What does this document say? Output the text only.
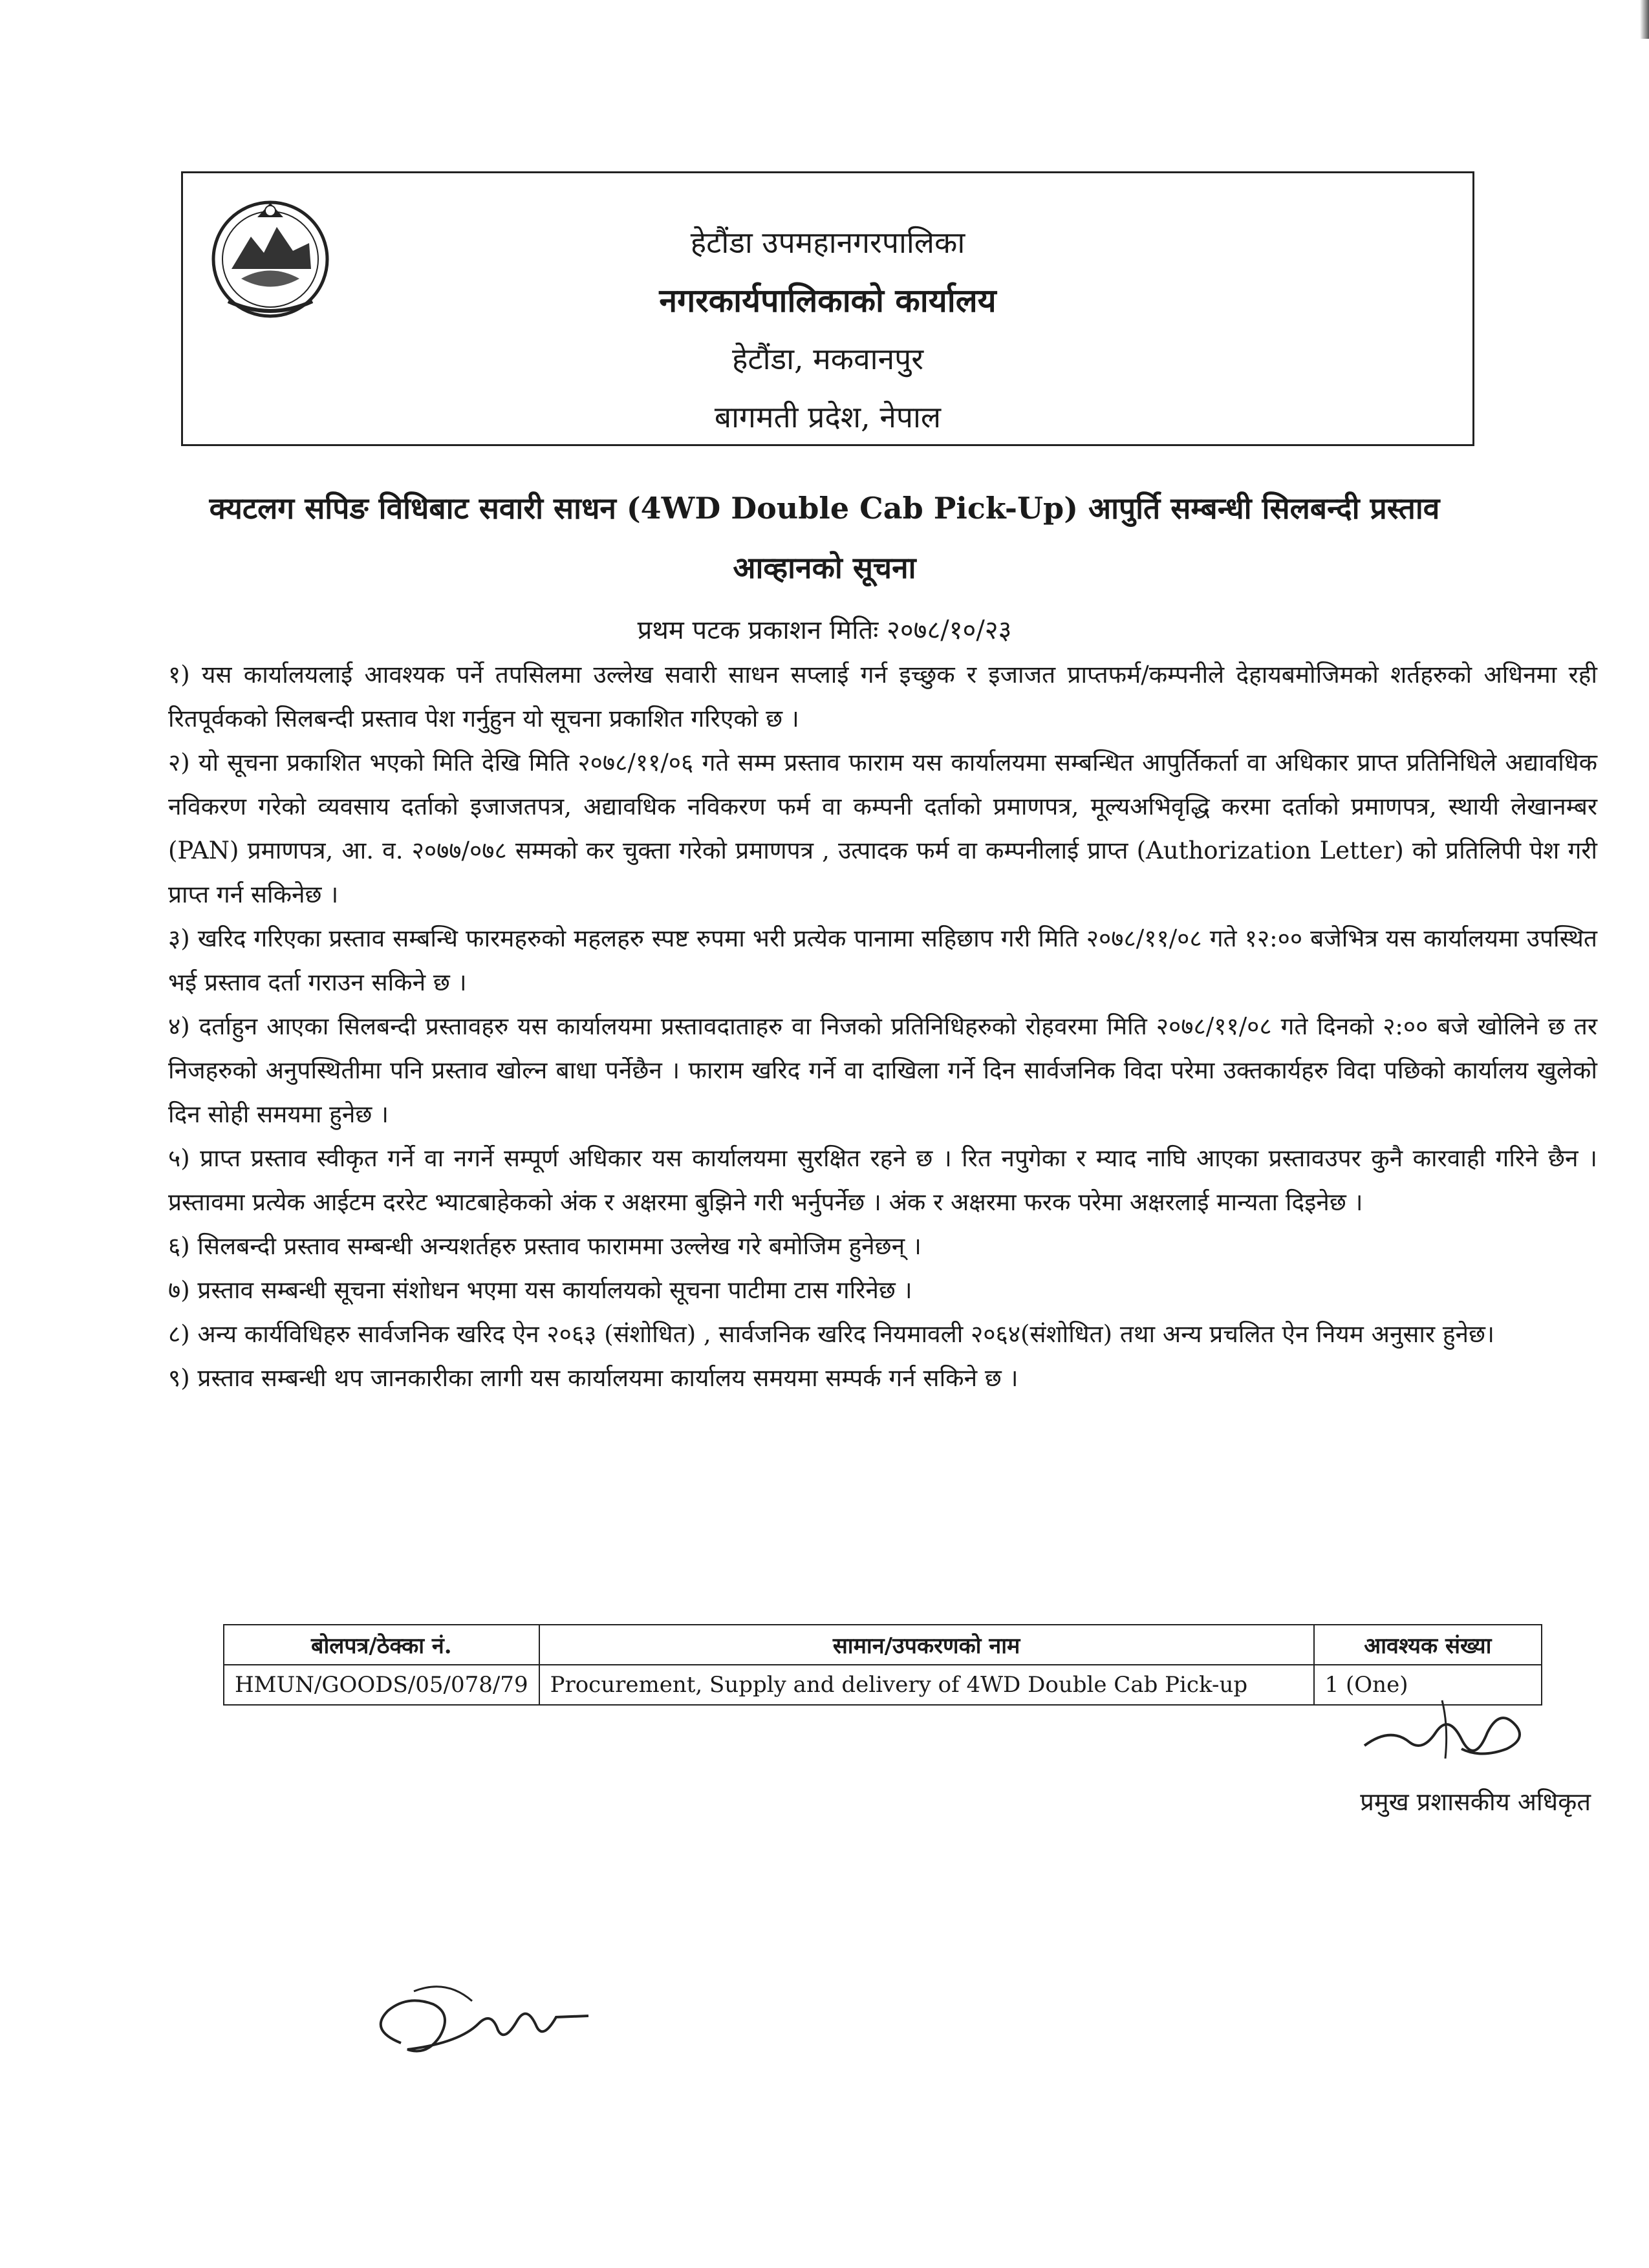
हेटौंडा उपमहानगरपालिका
नगरकार्यपालिकाको कार्यालय
हेटौंडा, मकवानपुर
बागमती प्रदेश, नेपाल
क्यटलग सपिङ विधिबाट सवारी साधन (4WD Double Cab Pick-Up) आपुर्ति सम्बन्धी सिलबन्दी प्रस्ताव
आव्हानको सूचना
प्रथम पटक प्रकाशन मितिः २०७८/१०/२३

१) यस कार्यालयलाई आवश्यक पर्ने तपसिलमा उल्लेख सवारी साधन सप्लाई गर्न इच्छुक र इजाजत प्राप्तफर्म/कम्पनीले देहायबमोजिमको शर्तहरुको अधिनमा रही रितपूर्वकको सिलबन्दी प्रस्ताव पेश गर्नुहुन यो सूचना प्रकाशित गरिएको छ ।

२) यो सूचना प्रकाशित भएको मिति देखि मिति २०७८/११/०६ गते सम्म प्रस्ताव फाराम यस कार्यालयमा सम्बन्धित आपुर्तिकर्ता वा अधिकार प्राप्त प्रतिनिधिले अद्यावधिक नविकरण गरेको व्यवसाय दर्ताको इजाजतपत्र, अद्यावधिक नविकरण फर्म वा कम्पनी दर्ताको प्रमाणपत्र, मूल्यअभिवृद्धि करमा दर्ताको प्रमाणपत्र, स्थायी लेखानम्बर (PAN) प्रमाणपत्र, आ. व. २०७७/०७८ सम्मको कर चुक्ता गरेको प्रमाणपत्र , उत्पादक फर्म वा कम्पनीलाई प्राप्त (Authorization Letter) को प्रतिलिपी पेश गरी प्राप्त गर्न सकिनेछ ।

३) खरिद गरिएका प्रस्ताव सम्बन्धि फारमहरुको महलहरु स्पष्ट रुपमा भरी प्रत्येक पानामा सहिछाप गरी मिति २०७८/११/०८ गते १२:०० बजेभित्र यस कार्यालयमा उपस्थित भई प्रस्ताव दर्ता गराउन सकिने छ ।

४) दर्ताहुन आएका सिलबन्दी प्रस्तावहरु यस कार्यालयमा प्रस्तावदाताहरु वा निजको प्रतिनिधिहरुको रोहवरमा मिति २०७८/११/०८ गते दिनको २:०० बजे खोलिने छ तर निजहरुको अनुपस्थितीमा पनि प्रस्ताव खोल्न बाधा पर्नेछैन । फाराम खरिद गर्ने वा दाखिला गर्ने दिन सार्वजनिक विदा परेमा उक्तकार्यहरु विदा पछिको कार्यालय खुलेको दिन सोही समयमा हुनेछ ।

५) प्राप्त प्रस्ताव स्वीकृत गर्ने वा नगर्ने सम्पूर्ण अधिकार यस कार्यालयमा सुरक्षित रहने छ । रित नपुगेका र म्याद नाघि आएका प्रस्तावउपर कुनै कारवाही गरिने छैन ।प्रस्तावमा प्रत्येक आईटम दररेट भ्याटबाहेकको अंक र अक्षरमा बुझिने गरी भर्नुपर्नेछ । अंक र अक्षरमा फरक परेमा अक्षरलाई मान्यता दिइनेछ ।

६) सिलबन्दी प्रस्ताव सम्बन्धी अन्यशर्तहरु प्रस्ताव फाराममा उल्लेख गरे बमोजिम हुनेछन् ।

७) प्रस्ताव सम्बन्धी सूचना संशोधन भएमा यस कार्यालयको सूचना पाटीमा टास गरिनेछ ।

८) अन्य कार्यविधिहरु सार्वजनिक खरिद ऐन २०६३ (संशोधित) , सार्वजनिक खरिद नियमावली २०६४(संशोधित) तथा अन्य प्रचलित ऐन नियम अनुसार हुनेछ।

९) प्रस्ताव सम्बन्धी थप जानकारीका लागी यस कार्यालयमा कार्यालय समयमा सम्पर्क गर्न सकिने छ ।

बोलपत्र/ठेक्का नं.	सामान/उपकरणको नाम	आवश्यक संख्या
HMUN/GOODS/05/078/79	Procurement, Supply and delivery of 4WD Double Cab Pick-up	1 (One)
प्रमुख प्रशासकीय अधिकृत
